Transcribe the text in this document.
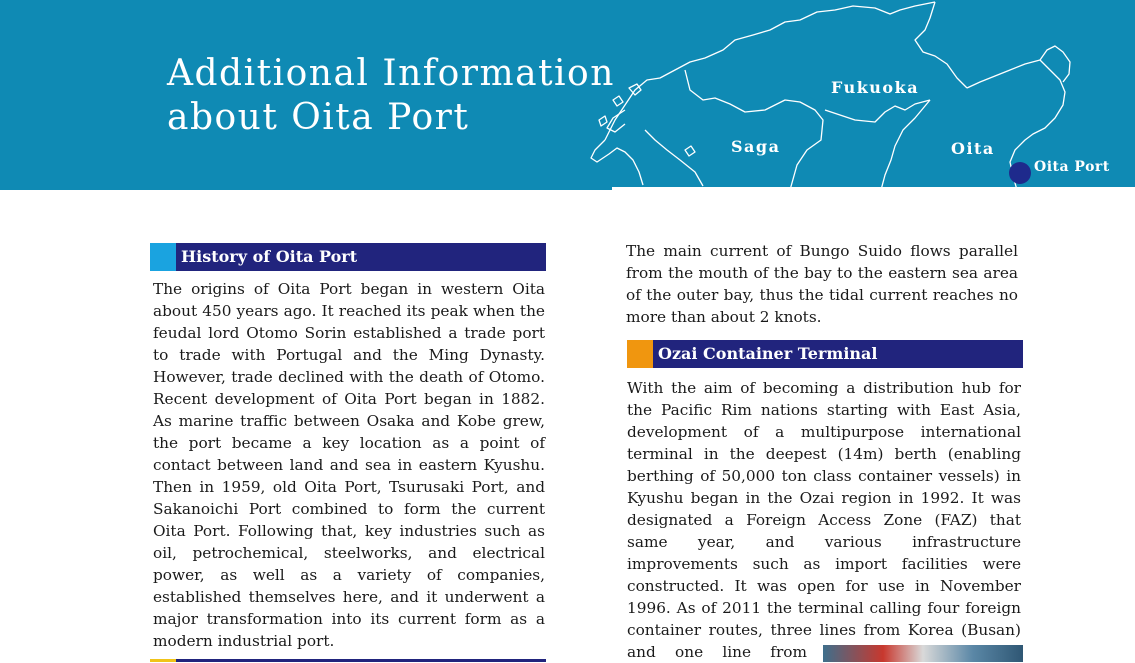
Additional Information
about Oita Port
Fukuoka
Saga	Oita
Oita Port
History of Oita Port
The origins of Oita Port began in western Oita
about 450 years ago. It reached its peak when the
feudal lord Otomo Sorin established a trade port
to trade with Portugal and the Ming Dynasty.
However, trade declined with the death of Otomo.
Recent development of Oita Port began in 1882.
As marine traffic between Osaka and Kobe grew,
the port became a key location as a point of
contact between land and sea in eastern Kyushu.
Then in 1959, old Oita Port, Tsurusaki Port, and
Sakanoichi Port combined to form the current
Oita Port. Following that, key industries such as
oil, petrochemical, steelworks, and electrical
power, as well as a variety of companies,
established themselves here, and it underwent a
major transformation into its current form as a
modern industrial port.
The main current of Bungo Suido flows parallel
from the mouth of the bay to the eastern sea area
of the outer bay, thus the tidal current reaches no
more than about 2 knots.
Ozai Container Terminal
With the aim of becoming a distribution hub for
the Pacific Rim nations starting with East Asia,
development of a multipurpose international
terminal in the deepest (14m) berth (enabling
berthing of 50,000 ton class container vessels) in
Kyushu began in the Ozai region in 1992. It was
designated a Foreign Access Zone (FAZ) that
same year, and various infrastructure
improvements such as import facilities were
constructed. It was open for use in November
1996. As of 2011 the terminal calling four foreign
container routes, three lines from Korea (Busan)
and one line from
